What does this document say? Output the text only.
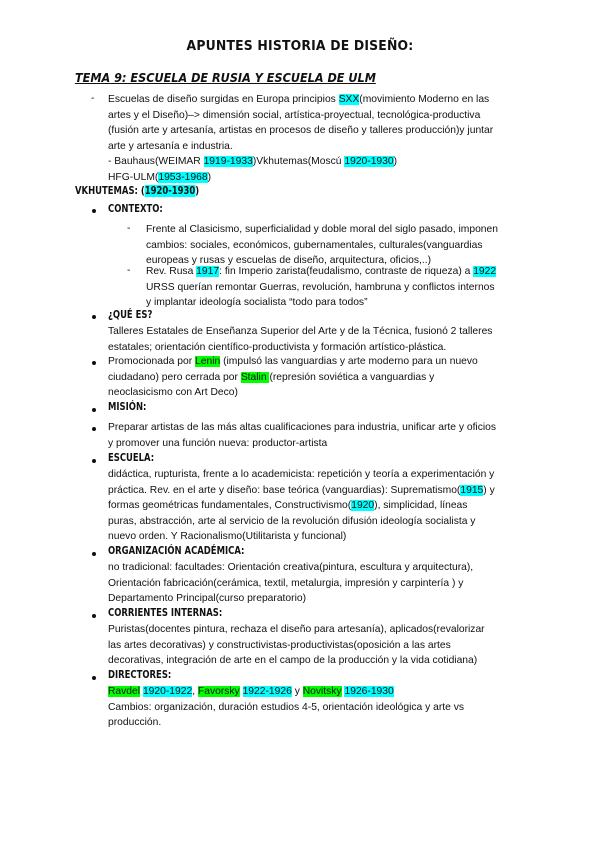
APUNTES HISTORIA DE DISEÑO:
TEMA 9: ESCUELA DE RUSIA Y ESCUELA DE ULM
- Escuelas de diseño surgidas en Europa principios SXX(movimiento Moderno en las

artes y el Diseño)–> dimensión social, artística-proyectual, tecnológica-productiva

(fusión arte y artesanía, artistas en procesos de diseño y talleres producción)y juntar

arte y artesanía e industria.

- Bauhaus(WEIMAR 1919-1933)Vkhutemas(Moscú 1920-1930)

HFG-ULM(1953-1968)

VKHUTEMAS: (1920-1930)
CONTEXTO:
- Frente al Clasicismo, superficialidad y doble moral del siglo pasado, imponen

cambios: sociales, económicos, gubernamentales, culturales(vanguardias

europeas y rusas y escuelas de diseño, arquitectura, oficios,..)

- Rev. Rusa 1917: fin Imperio zarista(feudalismo, contraste de riqueza) a 1922

URSS querían remontar Guerras, revolución, hambruna y conflictos internos

y implantar ideología socialista “todo para todos”

¿QUÉ ES?

Talleres Estatales de Enseñanza Superior del Arte y de la Técnica, fusionó 2 talleres

estatales; orientación científico-productivista y formación artístico-plástica.

Promocionada por Lenin (impulsó las vanguardias y arte moderno para un nuevo

ciudadano) pero cerrada por Stalin (represión soviética a vanguardias y

neoclasicismo con Art Deco)

MISIÓN:

Preparar artistas de las más altas cualificaciones para industria, unificar arte y oficios

y promover una función nueva: productor-artista

ESCUELA:

didáctica, rupturista, frente a lo academicista: repetición y teoría a experimentación y

práctica. Rev. en el arte y diseño: base teórica (vanguardias): Suprematismo(1915) y

formas geométricas fundamentales, Constructivismo(1920), simplicidad, líneas

puras, abstracción, arte al servicio de la revolución difusión ideología socialista y

nuevo orden. Y Racionalismo(Utilitarista y funcional)

ORGANIZACIÓN ACADÉMICA:

no tradicional: facultades: Orientación creativa(pintura, escultura y arquitectura),

Orientación fabricación(cerámica, textil, metalurgia, impresión y carpintería ) y

Departamento Principal(curso preparatorio)

CORRIENTES INTERNAS:

Puristas(docentes pintura, rechaza el diseño para artesanía), aplicados(revalorizar

las artes decorativas) y constructivistas-productivistas(oposición a las artes

decorativas, integración de arte en el campo de la producción y la vida cotidiana)

DIRECTORES:

Ravdel 1920-1922, Favorsky 1922-1926 y Novitsky 1926-1930

Cambios: organización, duración estudios 4-5, orientación ideológica y arte vs

producción.
